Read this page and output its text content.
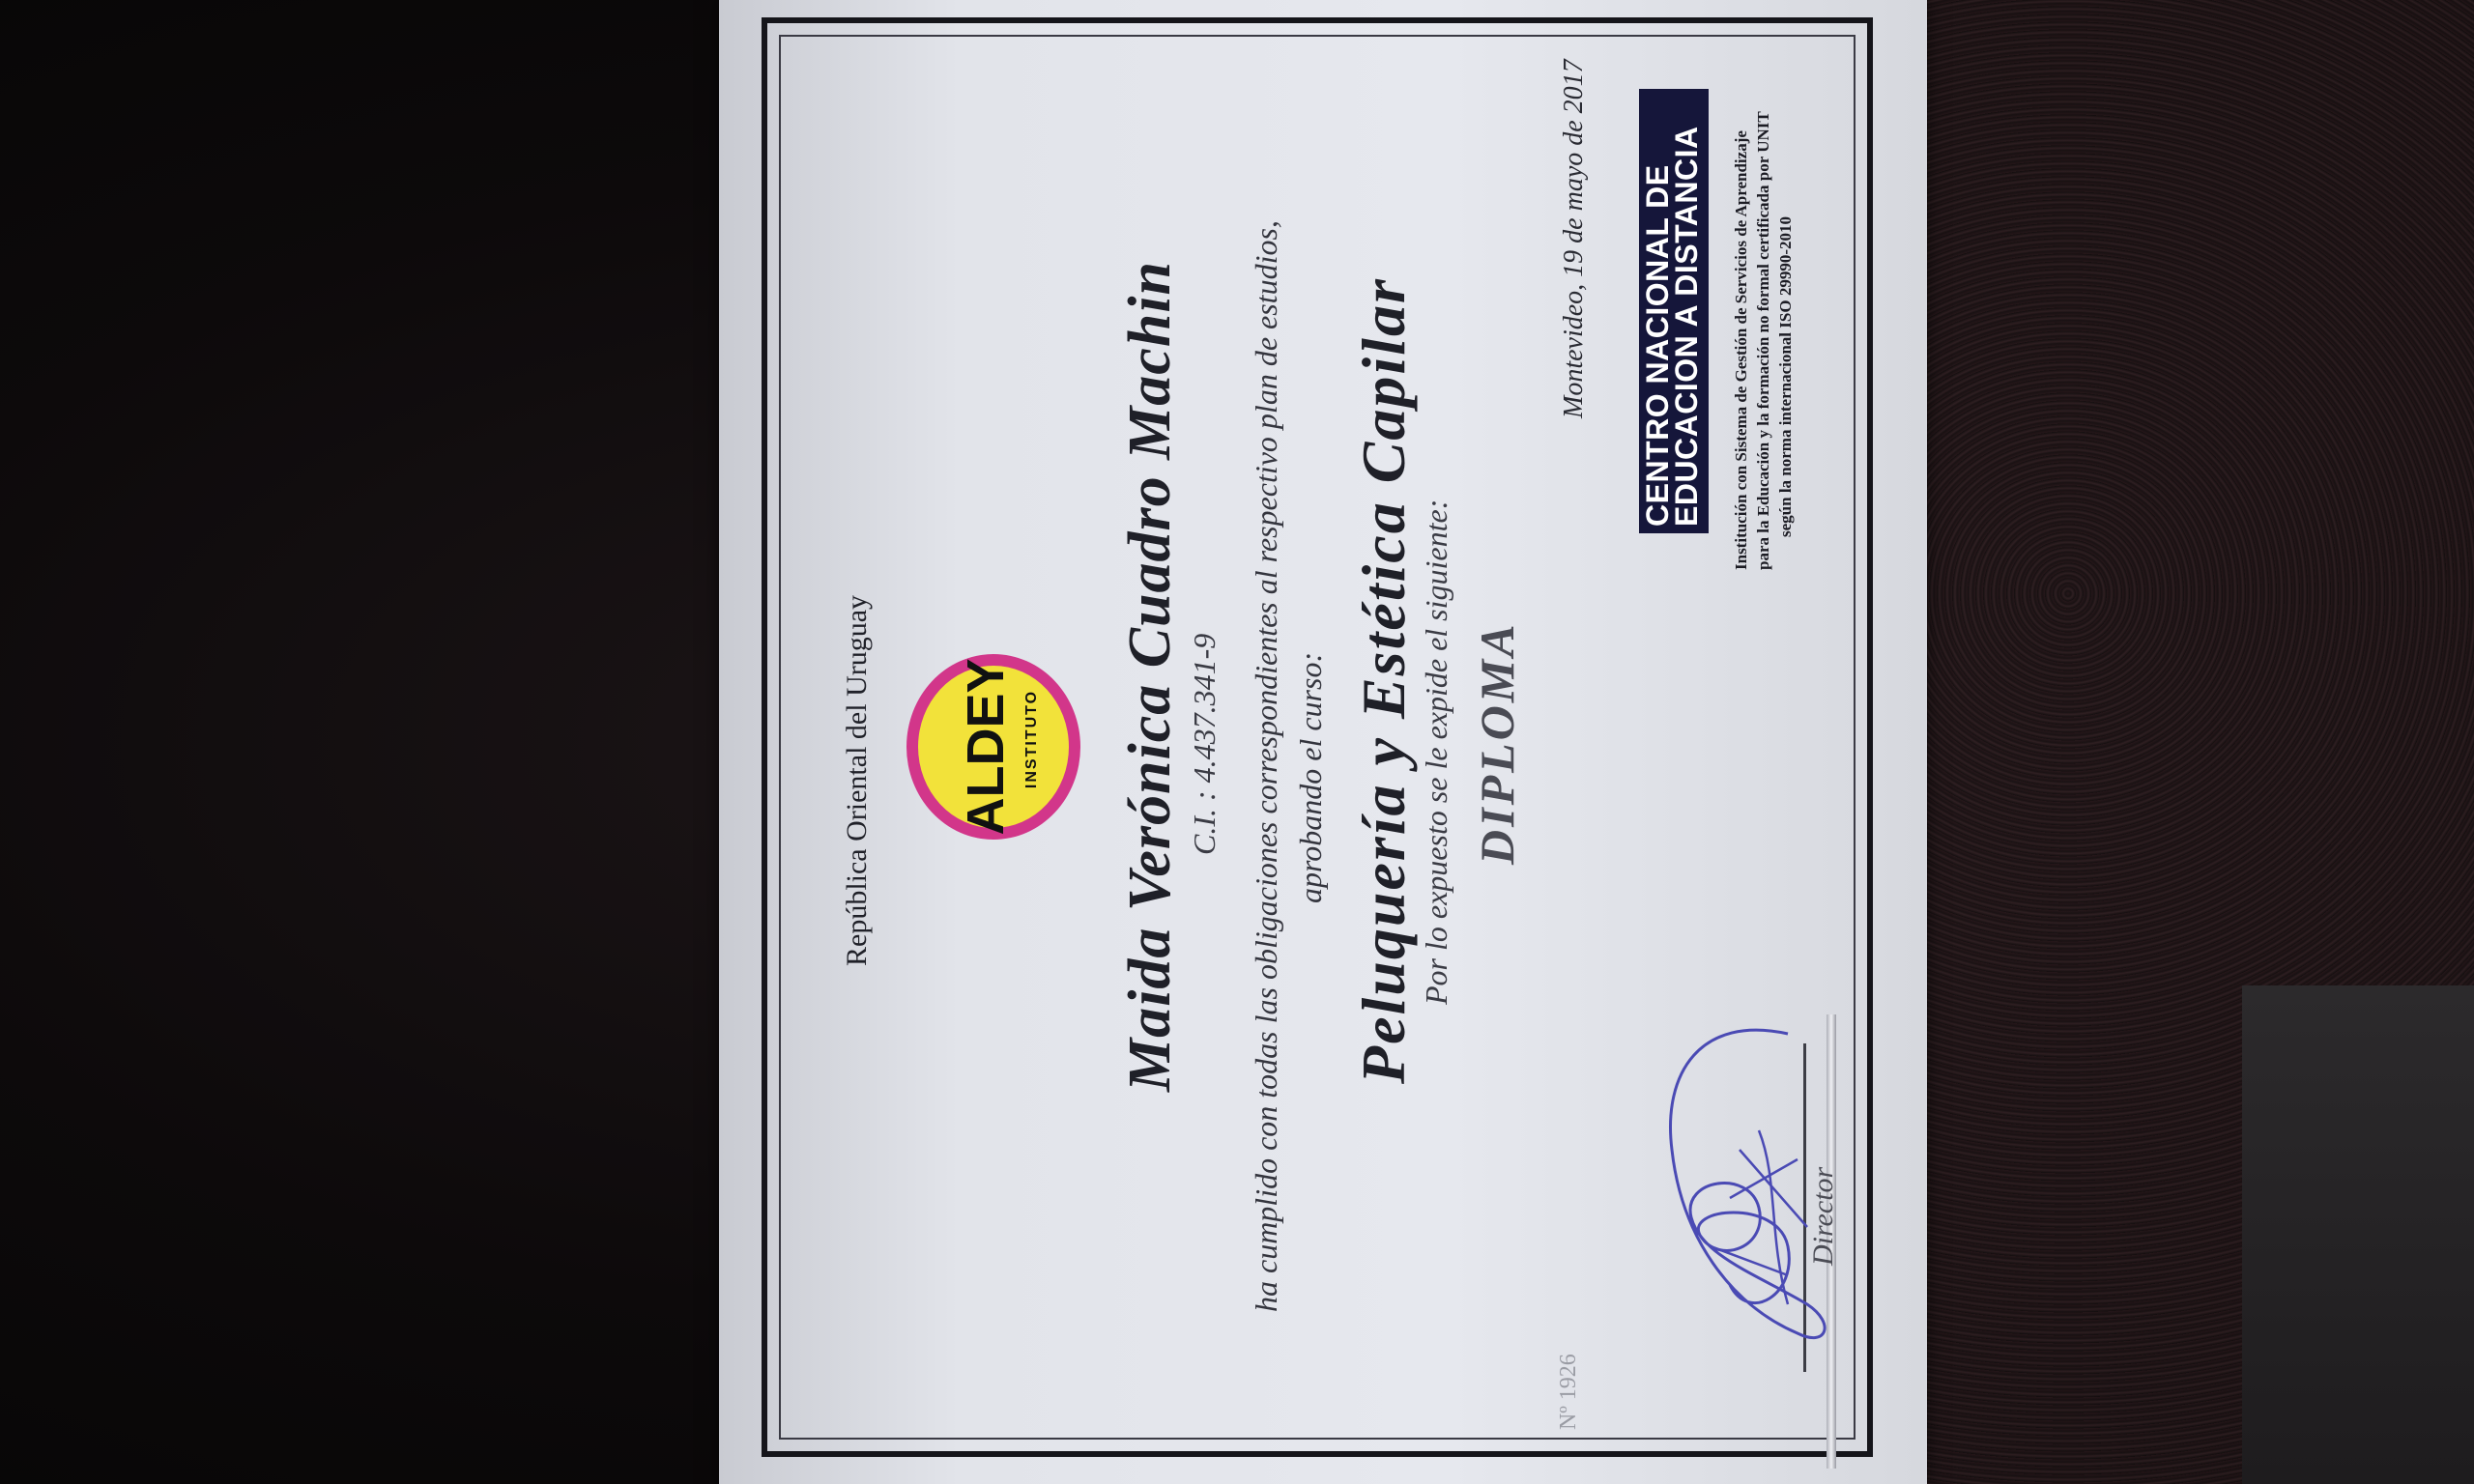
República Oriental del Uruguay ALDEY INSTITUTO Maida Verónica Cuadro Machin C.I. : 4.437.341-9 ha cumplido con todas las obligaciones correspondientes al respectivo plan de estudios, aprobando el curso: Peluquería y Estética Capilar Por lo expuesto se le expide el siguiente: DIPLOMA
Montevideo, 19 de mayo de 2017
Nº 1926
CENTRO NACIONAL DE
EDUCACION A DISTANCIA
Institución con Sistema de Gestión de Servicios de Aprendizaje
para la Educación y la formación no formal certificada por UNIT
según la norma internacional ISO 29990-2010
Director
